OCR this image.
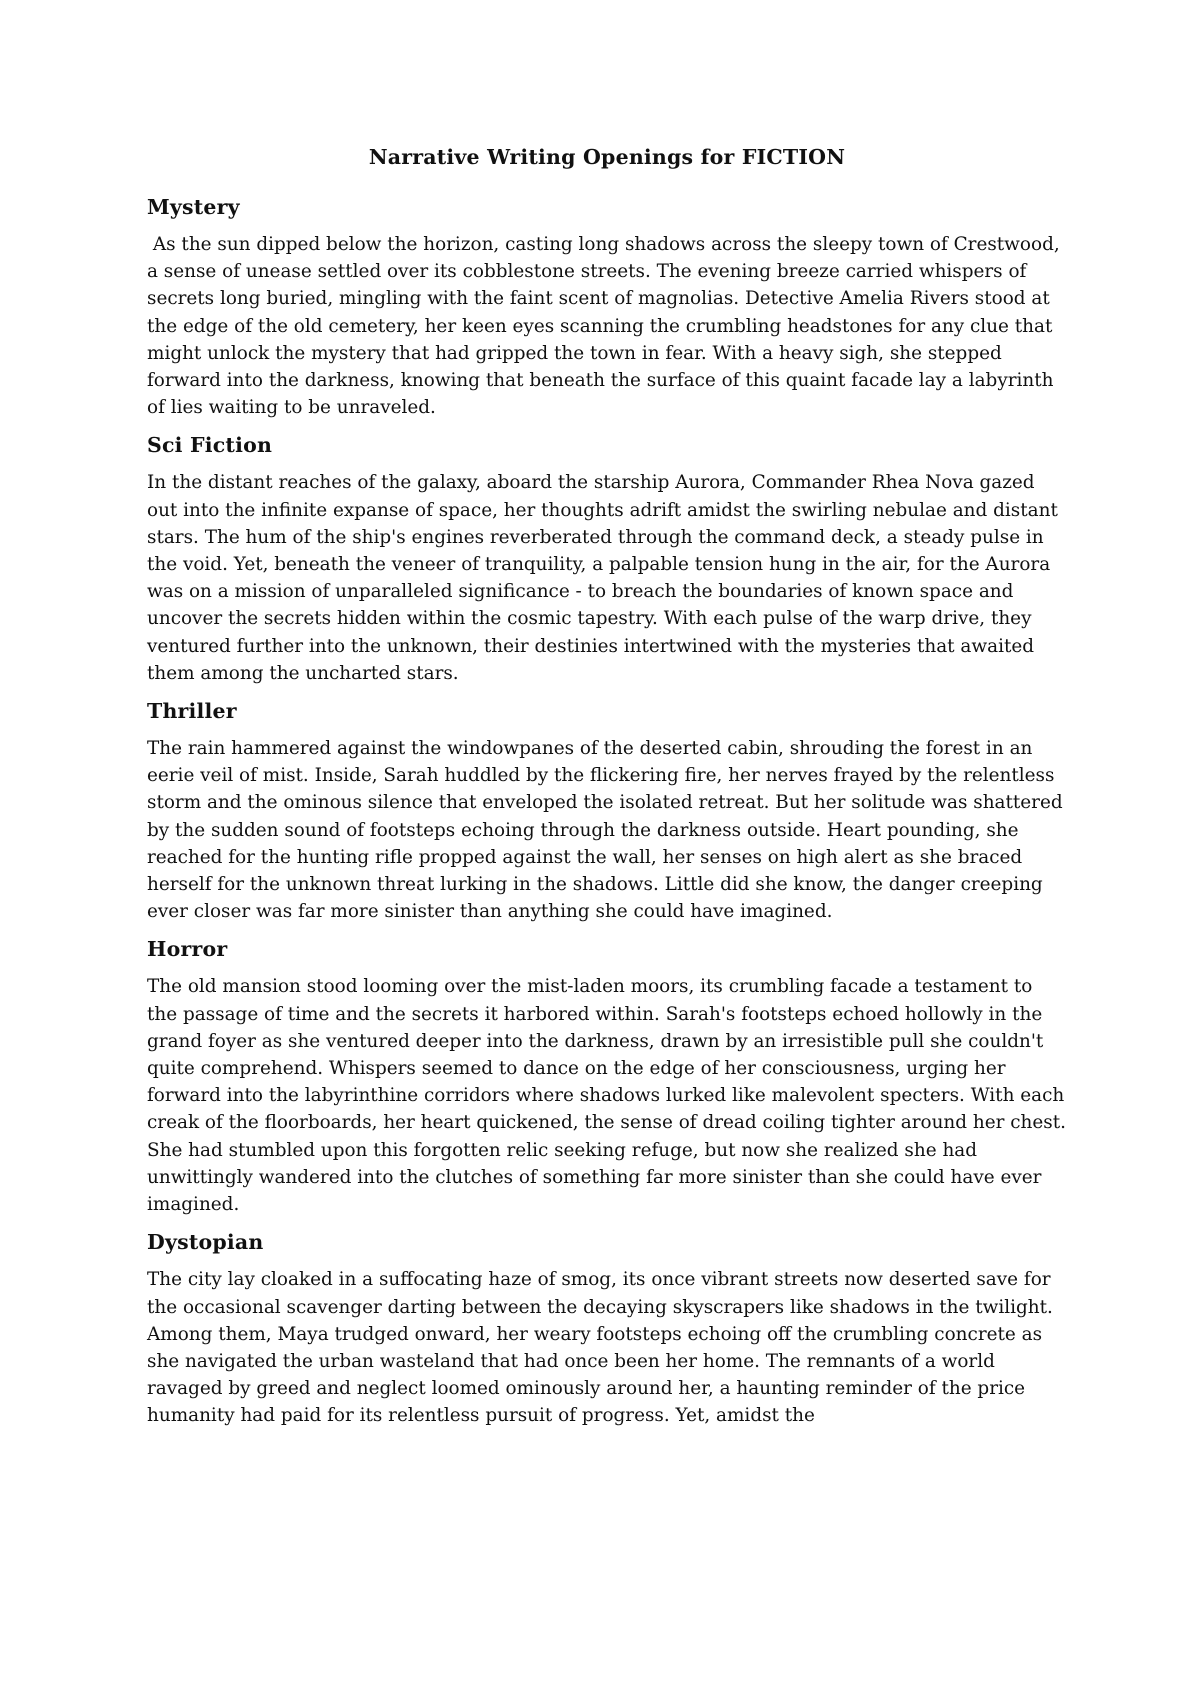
Narrative Writing Openings for FICTION
Mystery

As the sun dipped below the horizon, casting long shadows across the sleepy town of Crestwood, a sense of unease settled over its cobblestone streets. The evening breeze carried whispers of secrets long buried, mingling with the faint scent of magnolias. Detective Amelia Rivers stood at the edge of the old cemetery, her keen eyes scanning the crumbling headstones for any clue that might unlock the mystery that had gripped the town in fear. With a heavy sigh, she stepped forward into the darkness, knowing that beneath the surface of this quaint facade lay a labyrinth of lies waiting to be unraveled.

Sci Fiction

In the distant reaches of the galaxy, aboard the starship Aurora, Commander Rhea Nova gazed out into the infinite expanse of space, her thoughts adrift amidst the swirling nebulae and distant stars. The hum of the ship's engines reverberated through the command deck, a steady pulse in the void. Yet, beneath the veneer of tranquility, a palpable tension hung in the air, for the Aurora was on a mission of unparalleled significance - to breach the boundaries of known space and uncover the secrets hidden within the cosmic tapestry. With each pulse of the warp drive, they ventured further into the unknown, their destinies intertwined with the mysteries that awaited them among the uncharted stars.

Thriller

The rain hammered against the windowpanes of the deserted cabin, shrouding the forest in an eerie veil of mist. Inside, Sarah huddled by the flickering fire, her nerves frayed by the relentless storm and the ominous silence that enveloped the isolated retreat. But her solitude was shattered by the sudden sound of footsteps echoing through the darkness outside. Heart pounding, she reached for the hunting rifle propped against the wall, her senses on high alert as she braced herself for the unknown threat lurking in the shadows. Little did she know, the danger creeping ever closer was far more sinister than anything she could have imagined.

Horror

The old mansion stood looming over the mist-laden moors, its crumbling facade a testament to the passage of time and the secrets it harbored within. Sarah's footsteps echoed hollowly in the grand foyer as she ventured deeper into the darkness, drawn by an irresistible pull she couldn't quite comprehend. Whispers seemed to dance on the edge of her consciousness, urging her forward into the labyrinthine corridors where shadows lurked like malevolent specters. With each creak of the floorboards, her heart quickened, the sense of dread coiling tighter around her chest. She had stumbled upon this forgotten relic seeking refuge, but now she realized she had unwittingly wandered into the clutches of something far more sinister than she could have ever imagined.

Dystopian

The city lay cloaked in a suffocating haze of smog, its once vibrant streets now deserted save for the occasional scavenger darting between the decaying skyscrapers like shadows in the twilight. Among them, Maya trudged onward, her weary footsteps echoing off the crumbling concrete as she navigated the urban wasteland that had once been her home. The remnants of a world ravaged by greed and neglect loomed ominously around her, a haunting reminder of the price humanity had paid for its relentless pursuit of progress. Yet, amidst the
